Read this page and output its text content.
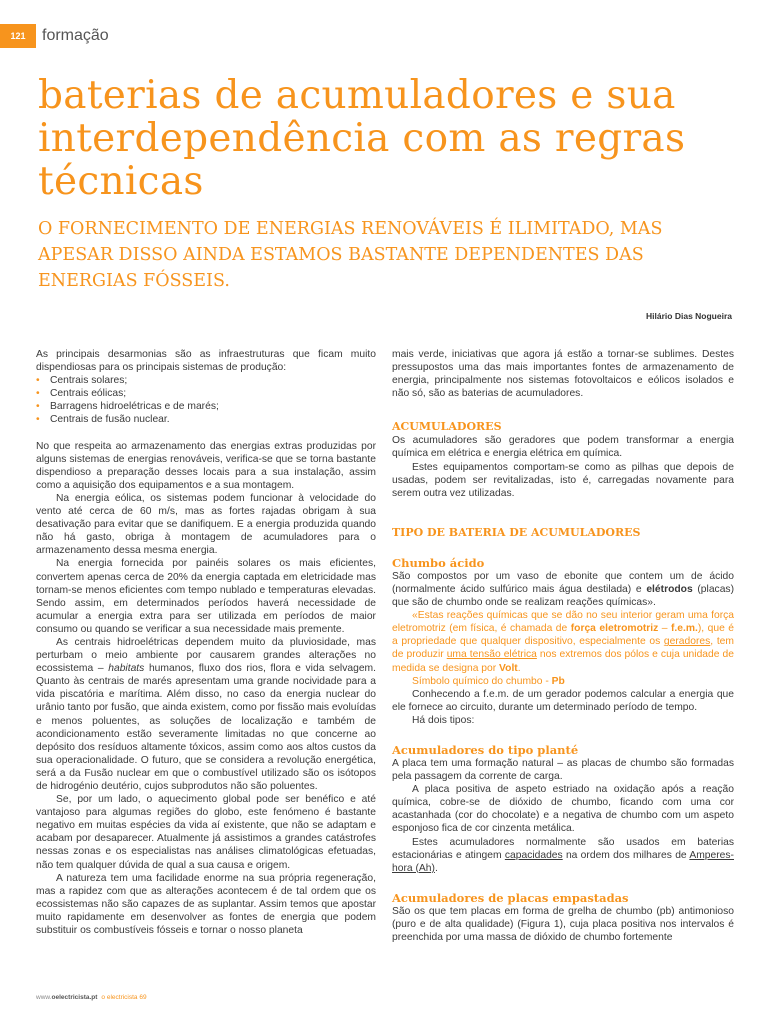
121	formação
baterias de acumuladores e sua interdependência com as regras técnicas
O FORNECIMENTO DE ENERGIAS RENOVÁVEIS É ILIMITADO, MAS APESAR DISSO AINDA ESTAMOS BASTANTE DEPENDENTES DAS ENERGIAS FÓSSEIS.
Hilário Dias Nogueira

As principais desarmonias são as infraestruturas que ficam muito dispendiosas para os principais sistemas de produção:

• Centrais solares;
• Centrais eólicas;
• Barragens hidroelétricas e de marés;
• Centrais de fusão nuclear.

No que respeita ao armazenamento das energias extras produzidas por alguns sistemas de energias renováveis, verifica-se que se torna bastante dispendioso a preparação desses locais para a sua instalação, assim como a aquisição dos equipamentos e a sua montagem.

Na energia eólica, os sistemas podem funcionar à velocidade do vento até cerca de 60 m/s, mas as fortes rajadas obrigam à sua desativação para evitar que se danifiquem. E a energia produzida quando não há gasto, obriga à montagem de acumuladores para o armazenamento dessa mesma energia.

Na energia fornecida por painéis solares os mais eficientes, convertem apenas cerca de 20% da energia captada em eletricidade mas tornam-se menos eficientes com tempo nublado e temperaturas elevadas. Sendo assim, em determinados períodos haverá necessidade de acumular a energia extra para ser utilizada em períodos de maior consumo ou quando se verificar a sua necessidade mais premente.

As centrais hidroelétricas dependem muito da pluviosidade, mas perturbam o meio ambiente por causarem grandes alterações no ecossistema – habitats humanos, fluxo dos rios, flora e vida selvagem. Quanto às centrais de marés apresentam uma grande nocividade para a vida piscatória e marítima. Além disso, no caso da energia nuclear do urânio tanto por fusão, que ainda existem, como por fissão mais evoluídas e menos poluentes, as soluções de localização e também de acondicionamento estão severamente limitadas no que concerne ao depósito dos resíduos altamente tóxicos, assim como aos altos custos da sua operacionalidade. O futuro, que se considera a revolução energética, será a da Fusão nuclear em que o combustível utilizado são os isótopos de hidrogénio deutério, cujos subprodutos não são poluentes.

Se, por um lado, o aquecimento global pode ser benéfico e até vantajoso para algumas regiões do globo, este fenómeno é bastante negativo em muitas espécies da vida aí existente, que não se adaptam e acabam por desaparecer. Atualmente já assistimos a grandes catástrofes nessas zonas e os especialistas nas análises climatológicas efetuadas, não tem qualquer dúvida de qual a sua causa e origem.

A natureza tem uma facilidade enorme na sua própria regeneração, mas a rapidez com que as alterações acontecem é de tal ordem que os ecossistemas não são capazes de as suplantar. Assim temos que apostar muito rapidamente em desenvolver as fontes de energia que podem substituir os combustíveis fósseis e tornar o nosso planeta

mais verde, iniciativas que agora já estão a tornar-se sublimes. Destes pressupostos uma das mais importantes fontes de armazenamento de energia, principalmente nos sistemas fotovoltaicos e eólicos isolados e não só, são as baterias de acumuladores.

ACUMULADORES

Os acumuladores são geradores que podem transformar a energia química em elétrica e energia elétrica em química.

Estes equipamentos comportam-se como as pilhas que depois de usadas, podem ser revitalizadas, isto é, carregadas novamente para serem outra vez utilizadas.

TIPO DE BATERIA DE ACUMULADORES
Chumbo ácido

São compostos por um vaso de ebonite que contem um de ácido (normalmente ácido sulfúrico mais água destilada) e elétrodos (placas) que são de chumbo onde se realizam reações químicas».

«Estas reações químicas que se dão no seu interior geram uma força eletromotriz (em física, é chamada de força eletromotriz – f.e.m.), que é a propriedade que qualquer dispositivo, especialmente os geradores, tem de produzir uma tensão elétrica nos extremos dos pólos e cuja unidade de medida se designa por Volt.

Símbolo químico do chumbo - Pb

Conhecendo a f.e.m. de um gerador podemos calcular a energia que ele fornece ao circuito, durante um determinado período de tempo.

Há dois tipos:

Acumuladores do tipo planté

A placa tem uma formação natural – as placas de chumbo são formadas pela passagem da corrente de carga.

A placa positiva de aspeto estriado na oxidação após a reação química, cobre-se de dióxido de chumbo, ficando com uma cor acastanhada (cor do chocolate) e a negativa de chumbo com um aspeto esponjoso fica de cor cinzenta metálica.

Estes acumuladores normalmente são usados em baterias estacionárias e atingem capacidades na ordem dos milhares de Amperes-hora (Ah).

Acumuladores de placas empastadas

São os que tem placas em forma de grelha de chumbo (pb) antimonioso (puro e de alta qualidade) (Figura 1), cuja placa positiva nos intervalos é preenchida por uma massa de dióxido de chumbo fortemente

www.oelectricista.pt o electricista 69
